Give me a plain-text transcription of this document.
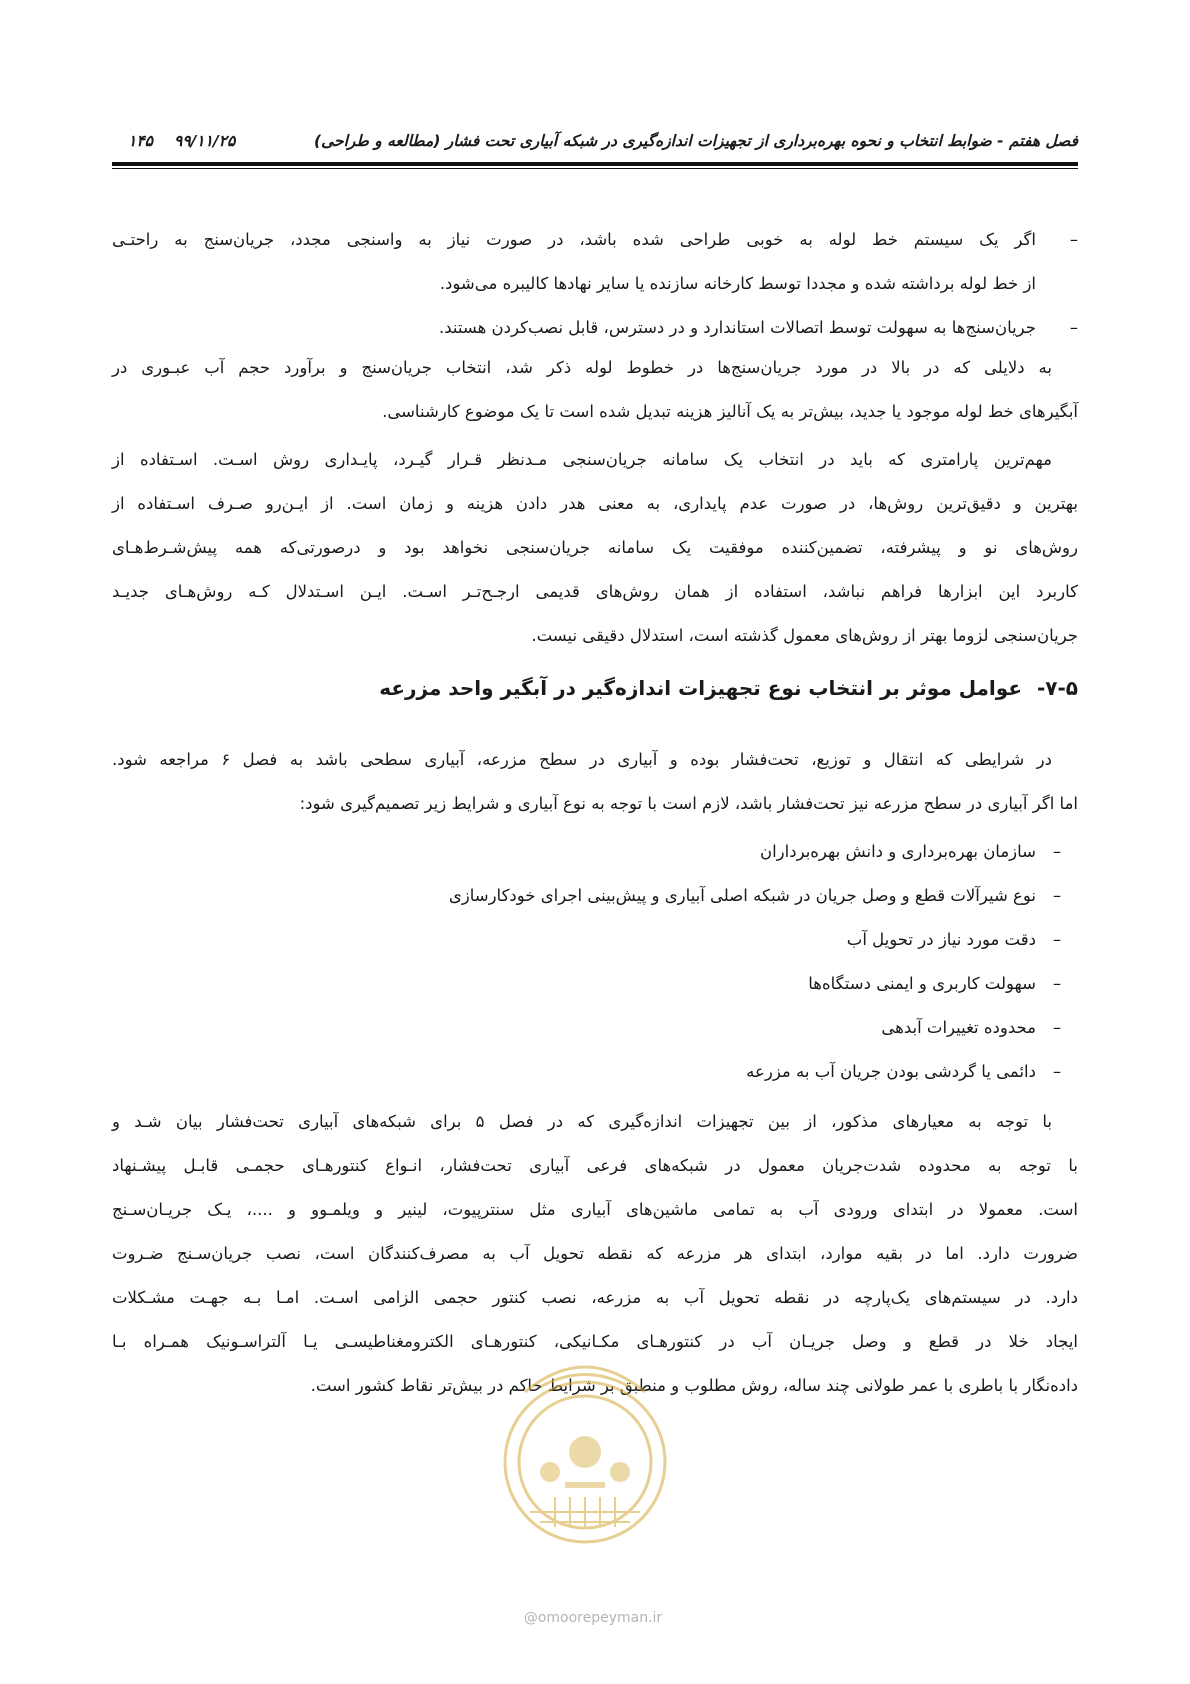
فصل هفتم - ضوابط انتخاب و نحوه بهره‌برداری از تجهیزات اندازه‌گیری در شبکه آبیاری تحت فشار (مطالعه و طراحی)
۹۹/۱۱/۲۵
۱۴۵
–اگر یک سیستم خط لوله به خوبی طراحی شده باشد، در صورت نیاز به واسنجی مجدد، جریان‌سنج به راحتـی
از خط لوله برداشته شده و مجددا توسط کارخانه سازنده یا سایر نهادها کالیبره می‌شود.
–جریان‌سنج‌ها به سهولت توسط اتصالات استاندارد و در دسترس، قابل نصب‌کردن هستند.
به دلایلی که در بالا در مورد جریان‌سنج‌ها در خطوط لوله ذکر شد، انتخاب جریان‌سنج و برآورد حجم آب عبـوری در
آبگیرهای خط لوله موجود یا جدید، بیش‌تر به یک آنالیز هزینه تبدیل شده است تا یک موضوع کارشناسی.
مهم‌ترین پارامتری که باید در انتخاب یک سامانه جریان‌سنجی مـدنظر قـرار گیـرد، پایـداری روش اسـت. اسـتفاده از
بهترین و دقیق‌ترین روش‌ها، در صورت عدم پایداری، به معنی هدر دادن هزینه و زمان است. از ایـن‌رو صـرف اسـتفاده از
روش‌های نو و پیشرفته، تضمین‌کننده موفقیت یک سامانه جریان‌سنجی نخواهد بود و درصورتی‌که همه پیش‌شـرط‌هـای
کاربرد این ابزارها فراهم نباشد، استفاده از همان روش‌های قدیمی ارجـح‌تـر اسـت. ایـن اسـتدلال کـه روش‌هـای جدیـد
جریان‌سنجی لزوما بهتر از روش‌های معمول گذشته است، استدلال دقیقی نیست.
۷-۵- عوامل موثر بر انتخاب نوع تجهیزات اندازه‌گیر در آبگیر واحد مزرعه
در شرایطی که انتقال و توزیع، تحت‌فشار بوده و آبیاری در سطح مزرعه، آبیاری سطحی باشد به فصل ۶ مراجعه شود.
اما اگر آبیاری در سطح مزرعه نیز تحت‌فشار باشد، لازم است با توجه به نوع آبیاری و شرایط زیر تصمیم‌گیری شود:
–سازمان بهره‌برداری و دانش بهره‌برداران
–نوع شیرآلات قطع و وصل جریان در شبکه اصلی آبیاری و پیش‌بینی اجرای خودکارسازی
–دقت مورد نیاز در تحویل آب
–سهولت کاربری و ایمنی دستگاه‌ها
–محدوده تغییرات آبدهی
–دائمی یا گردشی بودن جریان آب به مزرعه
با توجه به معیارهای مذکور، از بین تجهیزات اندازه‌گیری که در فصل ۵ برای شبکه‌های آبیاری تحت‌فشار بیان شـد و
با توجه به محدوده شدت‌جریان معمول در شبکه‌های فرعی آبیاری تحت‌فشار، انـواع کنتورهـای حجمـی قابـل پیشـنهاد
است. معمولا در ابتدای ورودی آب به تمامی ماشین‌های آبیاری مثل سنترپیوت، لینیر و ویلمـوو و ....، یـک جریـان‌سـنج
ضرورت دارد. اما در بقیه موارد، ابتدای هر مزرعه که نقطه تحویل آب به مصرف‌کنندگان است، نصب جریان‌سـنج ضـروت
دارد. در سیستم‌های یک‌پارچه در نقطه تحویل آب به مزرعه، نصب کنتور حجمی الزامی اسـت. امـا بـه جهـت مشـکلات
ایجاد خلا در قطع و وصل جریـان آب در کنتورهـای مکـانیکی، کنتورهـای الکترومغناطیسـی یـا آلتراسـونیک همـراه بـا
داده‌نگار با باطری با عمر طولانی چند ساله، روش مطلوب و منطبق بر شرایط حاکم در بیش‌تر نقاط کشور است.
@omoorepeyman.ir
